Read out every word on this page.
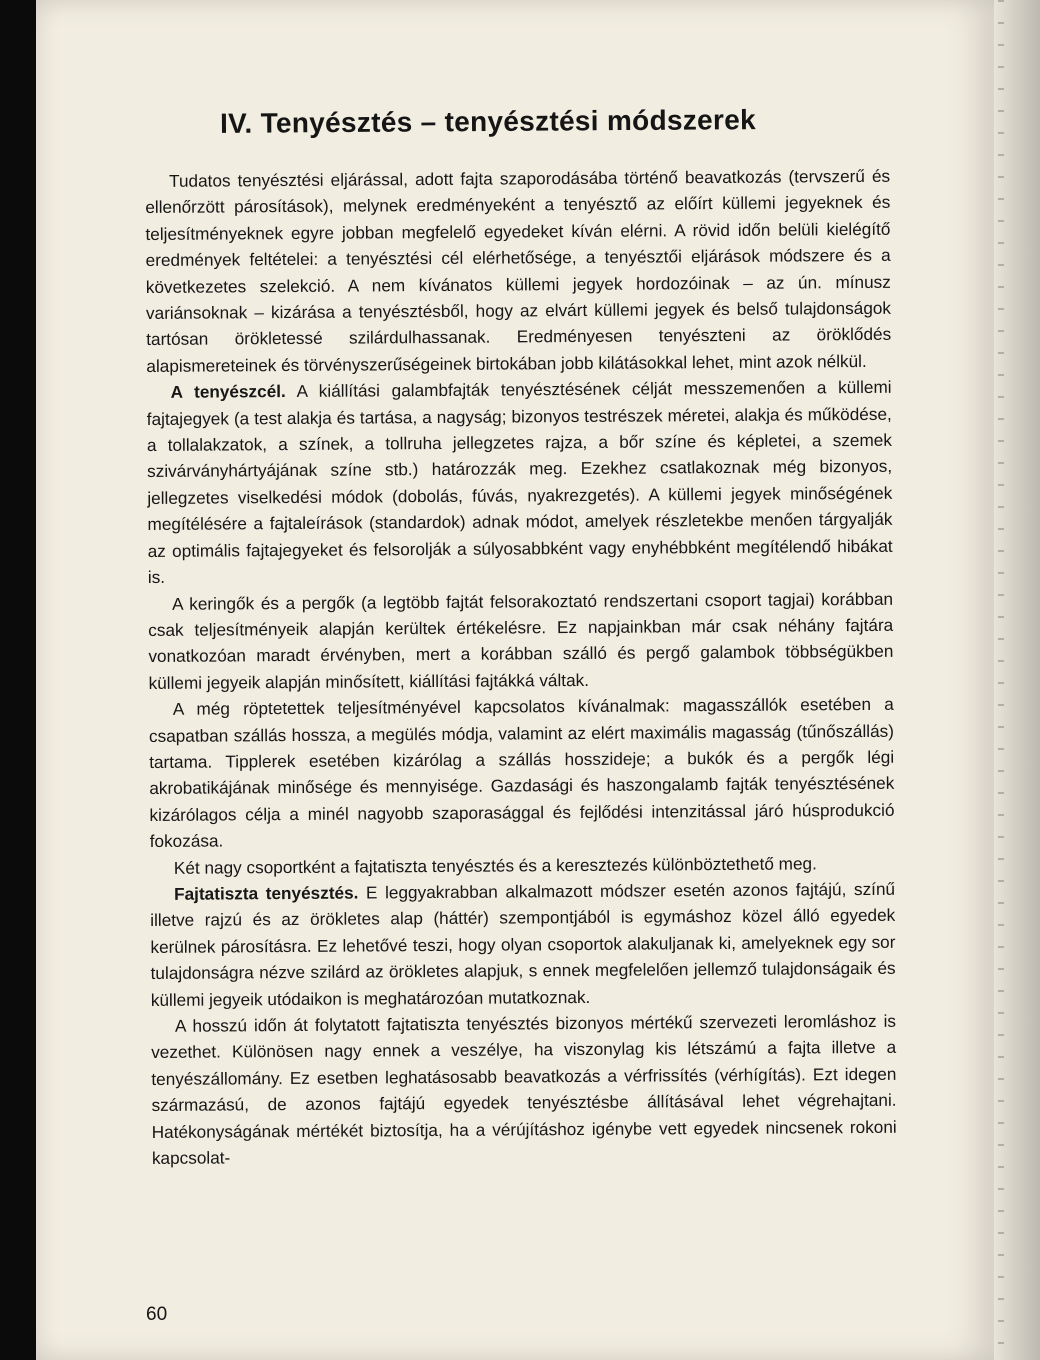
IV. Tenyésztés – tenyésztési módszerek

Tudatos tenyésztési eljárással, adott fajta szaporodásába történő beavatkozás (tervszerű és ellenőrzött párosítások), melynek eredményeként a tenyésztő az előírt küllemi jegyeknek és teljesítményeknek egyre jobban megfelelő egyedeket kíván elérni. A rövid időn belüli kielégítő eredmények feltételei: a tenyésztési cél elérhetősége, a tenyésztői eljárások módszere és a következetes szelekció. A nem kívánatos küllemi jegyek hordozóinak – az ún. mínusz variánsoknak – kizárása a tenyésztésből, hogy az elvárt küllemi jegyek és belső tulajdonságok tartósan örökletessé szilárdulhassanak. Eredményesen tenyészteni az öröklődés alapismereteinek és törvényszerűségeinek birtokában jobb kilátásokkal lehet, mint azok nélkül.

A tenyészcél. A kiállítási galambfajták tenyésztésének célját messzemenően a küllemi fajtajegyek (a test alakja és tartása, a nagyság; bizonyos testrészek méretei, alakja és működése, a tollalakzatok, a színek, a tollruha jellegzetes rajza, a bőr színe és képletei, a szemek szivárványhártyájának színe stb.) határozzák meg. Ezekhez csatlakoznak még bizonyos, jellegzetes viselkedési módok (dobolás, fúvás, nyakrezgetés). A küllemi jegyek minőségének megítélésére a fajtaleírások (standardok) adnak módot, amelyek részletekbe menően tárgyalják az optimális fajtajegyeket és felsorolják a súlyosabbként vagy enyhébbként megítélendő hibákat is.

A keringők és a pergők (a legtöbb fajtát felsorakoztató rendszertani csoport tagjai) korábban csak teljesítményeik alapján kerültek értékelésre. Ez napjainkban már csak néhány fajtára vonatkozóan maradt érvényben, mert a korábban szálló és pergő galambok többségükben küllemi jegyeik alapján minősített, kiállítási fajtákká váltak.

A még röptetettek teljesítményével kapcsolatos kívánalmak: magasszállók esetében a csapatban szállás hossza, a megülés módja, valamint az elért maximális magasság (tűnőszállás) tartama. Tipplerek esetében kizárólag a szállás hosszideje; a bukók és a pergők légi akrobatikájának minősége és mennyisége. Gazdasági és haszongalamb fajták tenyésztésének kizárólagos célja a minél nagyobb szaporasággal és fejlődési intenzitással járó húsprodukció fokozása.

Két nagy csoportként a fajtatiszta tenyésztés és a keresztezés különböztethető meg.

Fajtatiszta tenyésztés. E leggyakrabban alkalmazott módszer esetén azonos fajtájú, színű illetve rajzú és az örökletes alap (háttér) szempontjából is egymáshoz közel álló egyedek kerülnek párosításra. Ez lehetővé teszi, hogy olyan csoportok alakuljanak ki, amelyeknek egy sor tulajdonságra nézve szilárd az örökletes alapjuk, s ennek megfelelően jellemző tulajdonságaik és küllemi jegyeik utódaikon is meghatározóan mutatkoznak.

A hosszú időn át folytatott fajtatiszta tenyésztés bizonyos mértékű szervezeti leromláshoz is vezethet. Különösen nagy ennek a veszélye, ha viszonylag kis létszámú a fajta illetve a tenyészállomány. Ez esetben leghatásosabb beavatkozás a vérfrissítés (vérhígítás). Ezt idegen származású, de azonos fajtájú egyedek tenyésztésbe állításával lehet végrehajtani. Hatékonyságának mértékét biztosítja, ha a vérújításhoz igénybe vett egyedek nincsenek rokoni kapcsolat-

60
